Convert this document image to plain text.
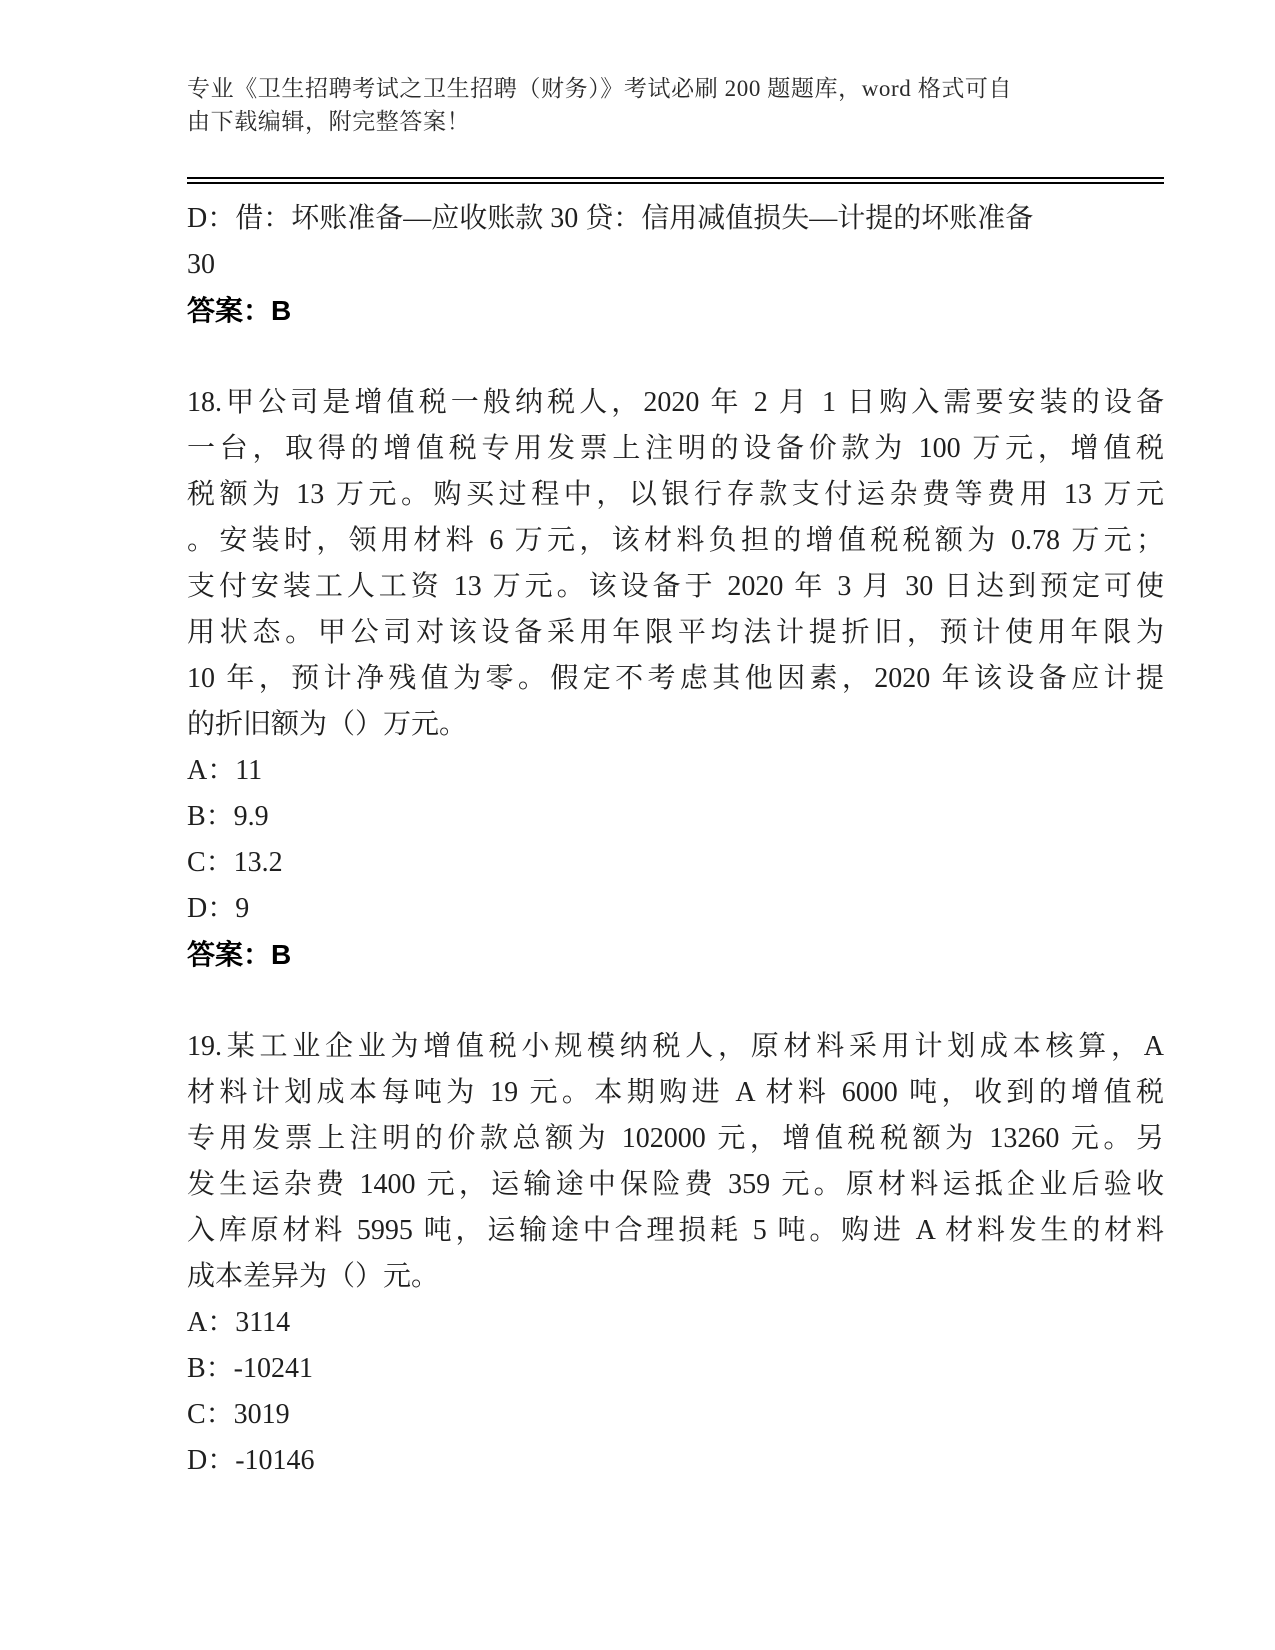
专业《卫生招聘考试之卫生招聘（财务）》考试必刷 200 题题库，word 格式可自
由下载编辑，附完整答案！
D：借：坏账准备—应收账款 30 贷：信用减值损失—计提的坏账准备
30
答案：B
18.甲公司是增值税一般纳税人，2020 年 2 月 1 日购入需要安装的设备
一台，取得的增值税专用发票上注明的设备价款为 100 万元，增值税
税额为 13 万元。购买过程中，以银行存款支付运杂费等费用 13 万元
。安装时，领用材料 6 万元，该材料负担的增值税税额为 0.78 万元；
支付安装工人工资 13 万元。该设备于 2020 年 3 月 30 日达到预定可使
用状态。甲公司对该设备采用年限平均法计提折旧，预计使用年限为
10 年，预计净残值为零。假定不考虑其他因素，2020 年该设备应计提
的折旧额为（）万元。
A：11
B：9.9
C：13.2
D：9
答案：B
19.某工业企业为增值税小规模纳税人，原材料采用计划成本核算，A
材料计划成本每吨为 19 元。本期购进 A 材料 6000 吨，收到的增值税
专用发票上注明的价款总额为 102000 元，增值税税额为 13260 元。另
发生运杂费 1400 元，运输途中保险费 359 元。原材料运抵企业后验收
入库原材料 5995 吨，运输途中合理损耗 5 吨。购进 A 材料发生的材料
成本差异为（）元。
A：3114
B：-10241
C：3019
D：-10146
